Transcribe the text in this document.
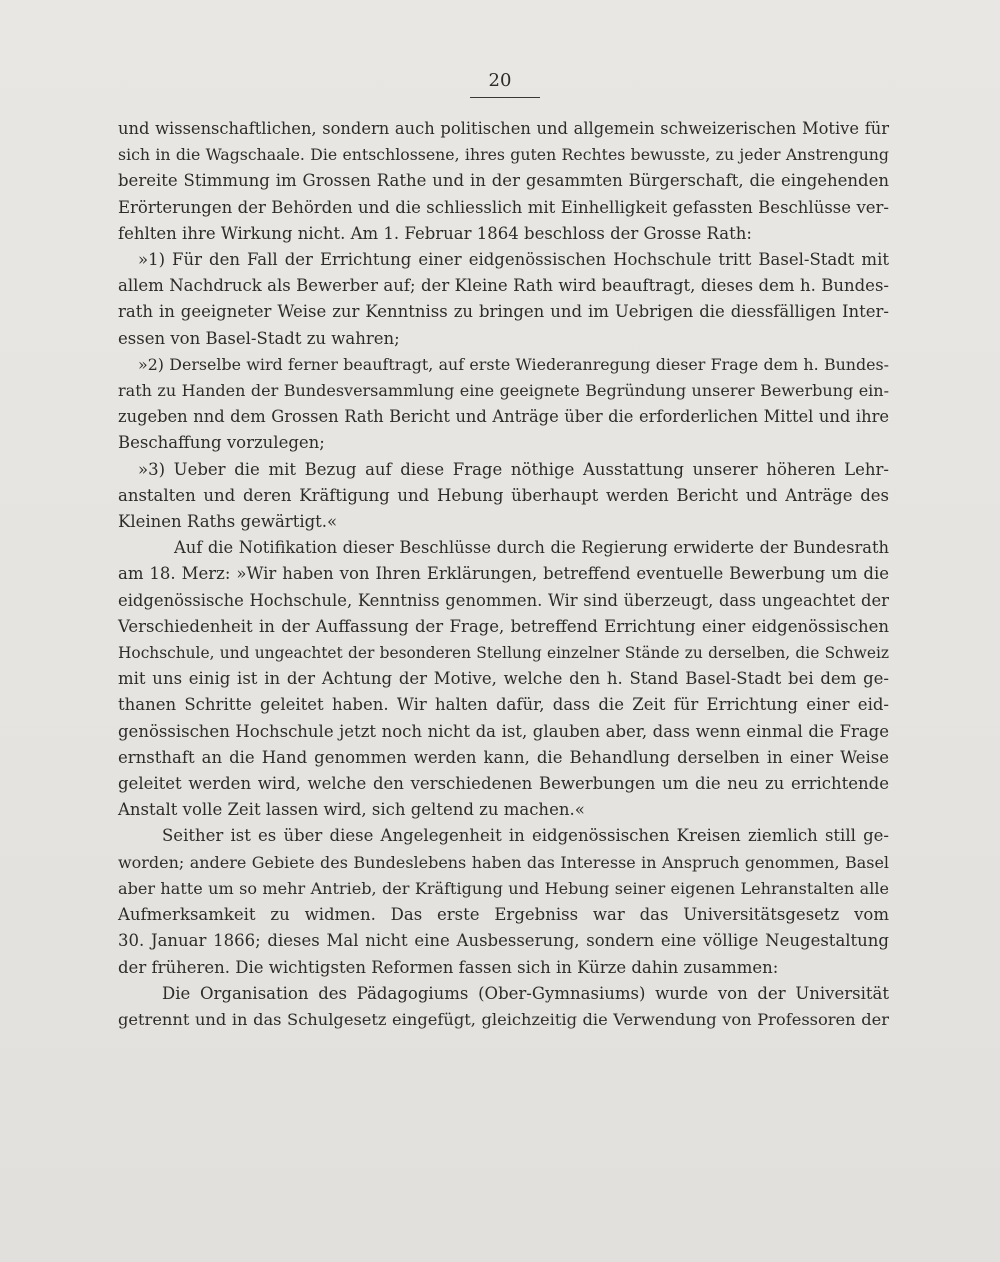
20

und wissenschaftlichen, sondern auch politischen und allgemein schweizerischen Motive für
sich in die Wagschaale. Die entschlossene, ihres guten Rechtes bewusste, zu jeder Anstrengung
bereite Stimmung im Grossen Rathe und in der gesammten Bürgerschaft, die eingehenden
Erörterungen der Behörden und die schliesslich mit Einhelligkeit gefassten Beschlüsse ver-
fehlten ihre Wirkung nicht. Am 1. Februar 1864 beschloss der Grosse Rath:

»1) Für den Fall der Errichtung einer eidgenössischen Hochschule tritt Basel-Stadt mit
allem Nachdruck als Bewerber auf; der Kleine Rath wird beauftragt, dieses dem h. Bundes-
rath in geeigneter Weise zur Kenntniss zu bringen und im Uebrigen die diessfälligen Inter-
essen von Basel-Stadt zu wahren;

»2) Derselbe wird ferner beauftragt, auf erste Wiederanregung dieser Frage dem h. Bundes-
rath zu Handen der Bundesversammlung eine geeignete Begründung unserer Bewerbung ein-
zugeben nnd dem Grossen Rath Bericht und Anträge über die erforderlichen Mittel und ihre
Beschaffung vorzulegen;

»3) Ueber die mit Bezug auf diese Frage nöthige Ausstattung unserer höheren Lehr-
anstalten und deren Kräftigung und Hebung überhaupt werden Bericht und Anträge des
Kleinen Raths gewärtigt.«

Auf die Notifikation dieser Beschlüsse durch die Regierung erwiderte der Bundesrath
am 18. Merz: »Wir haben von Ihren Erklärungen, betreffend eventuelle Bewerbung um die
eidgenössische Hochschule, Kenntniss genommen. Wir sind überzeugt, dass ungeachtet der
Verschiedenheit in der Auffassung der Frage, betreffend Errichtung einer eidgenössischen
Hochschule, und ungeachtet der besonderen Stellung einzelner Stände zu derselben, die Schweiz
mit uns einig ist in der Achtung der Motive, welche den h. Stand Basel-Stadt bei dem ge-
thanen Schritte geleitet haben. Wir halten dafür, dass die Zeit für Errichtung einer eid-
genössischen Hochschule jetzt noch nicht da ist, glauben aber, dass wenn einmal die Frage
ernsthaft an die Hand genommen werden kann, die Behandlung derselben in einer Weise
geleitet werden wird, welche den verschiedenen Bewerbungen um die neu zu errichtende
Anstalt volle Zeit lassen wird, sich geltend zu machen.«

Seither ist es über diese Angelegenheit in eidgenössischen Kreisen ziemlich still ge-
worden; andere Gebiete des Bundeslebens haben das Interesse in Anspruch genommen, Basel
aber hatte um so mehr Antrieb, der Kräftigung und Hebung seiner eigenen Lehranstalten alle
Aufmerksamkeit zu widmen. Das erste Ergebniss war das Universitätsgesetz vom
30. Januar 1866; dieses Mal nicht eine Ausbesserung, sondern eine völlige Neugestaltung
der früheren. Die wichtigsten Reformen fassen sich in Kürze dahin zusammen:

Die Organisation des Pädagogiums (Ober-Gymnasiums) wurde von der Universität
getrennt und in das Schulgesetz eingefügt, gleichzeitig die Verwendung von Professoren der
